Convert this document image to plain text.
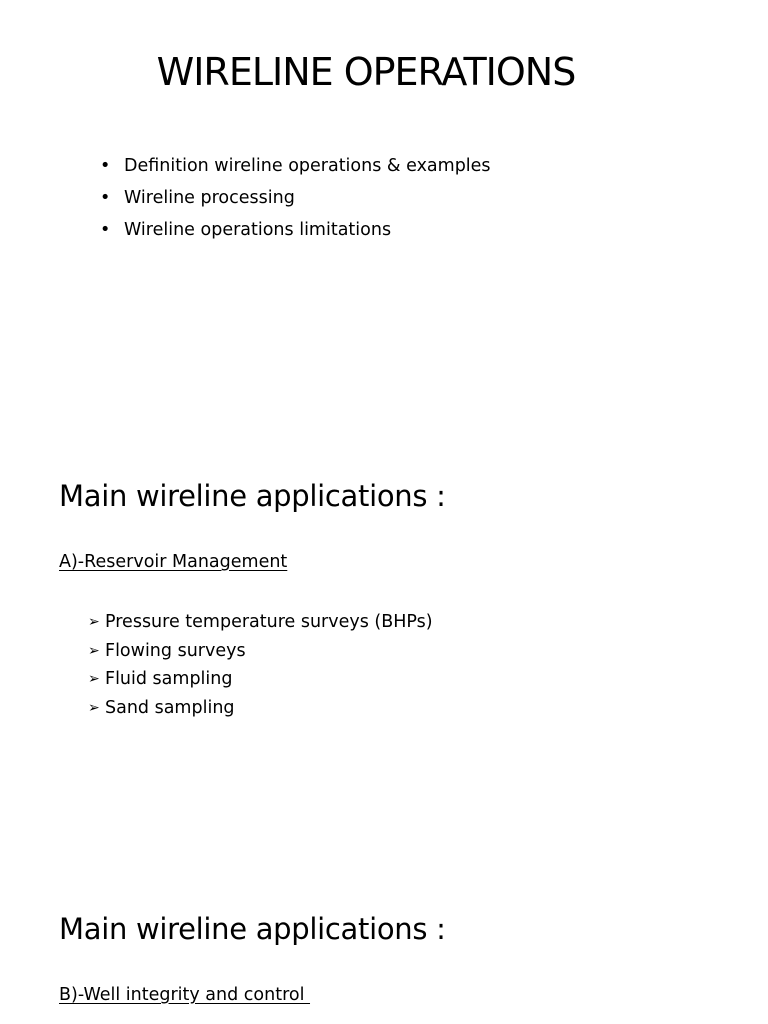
WIRELINE OPERATIONS
• Definition wireline operations & examples
• Wireline processing
• Wireline operations limitations
Main wireline applications :
A)-Reservoir Management
➢ Pressure temperature surveys (BHPs)
➢ Flowing surveys
➢ Fluid sampling
➢ Sand sampling
Main wireline applications :
B)-Well integrity and control
